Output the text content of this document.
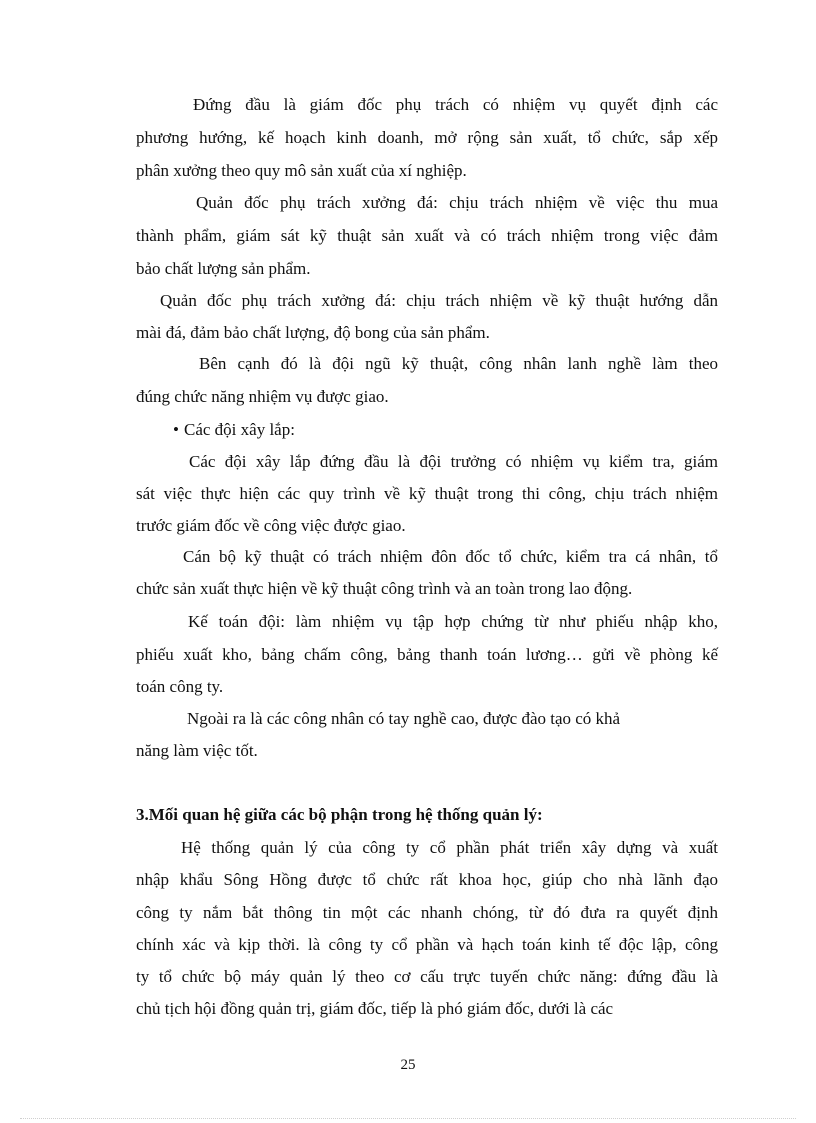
Đứng đầu là giám đốc phụ trách có nhiệm vụ quyết định các
phương hướng, kế hoạch kinh doanh, mở rộng sản xuất, tổ chức, sắp xếp
phân xưởng theo quy mô sản xuất của xí nghiệp.
Quản đốc phụ trách xưởng đá: chịu trách nhiệm về việc thu mua
thành phẩm, giám sát kỹ thuật sản xuất và có trách nhiệm trong việc đảm
bảo chất lượng sản phẩm.
Quản đốc phụ trách xưởng đá: chịu trách nhiệm về kỹ thuật hướng dẫn
mài đá, đảm bảo chất lượng, độ bong của sản phẩm.
Bên cạnh đó là đội ngũ kỹ thuật, công nhân lanh nghề làm theo
đúng chức năng nhiệm vụ được giao.
• Các đội xây lắp:
Các đội xây lắp đứng đầu là đội trưởng có nhiệm vụ kiểm tra, giám
sát việc thực hiện các quy trình về kỹ thuật trong thi công, chịu trách nhiệm
trước giám đốc về công việc được giao.
Cán bộ kỹ thuật có trách nhiệm đôn đốc tổ chức, kiểm tra cá nhân, tổ
chức sản xuất thực hiện về kỹ thuật công trình và an toàn trong lao động.
Kế toán đội: làm nhiệm vụ tập hợp chứng từ như phiếu nhập kho,
phiếu xuất kho, bảng chấm công, bảng thanh toán lương… gửi về phòng kế
toán công ty.
Ngoài ra là các công nhân có tay nghề cao, được đào tạo có khả
năng làm việc tốt.
3.Mối quan hệ giữa các bộ phận trong hệ thống quản lý:
Hệ thống quản lý của công ty cổ phần phát triển xây dựng và xuất
nhập khẩu Sông Hồng được tổ chức rất khoa học, giúp cho nhà lãnh đạo
công ty nắm bắt thông tin một các nhanh chóng, từ đó đưa ra quyết định
chính xác và kịp thời. là công ty cổ phần và hạch toán kinh tế độc lập, công
ty tổ chức bộ máy quản lý theo cơ cấu trực tuyến chức năng: đứng đầu là
chủ tịch hội đồng quản trị, giám đốc, tiếp là phó giám đốc, dưới là các
25
